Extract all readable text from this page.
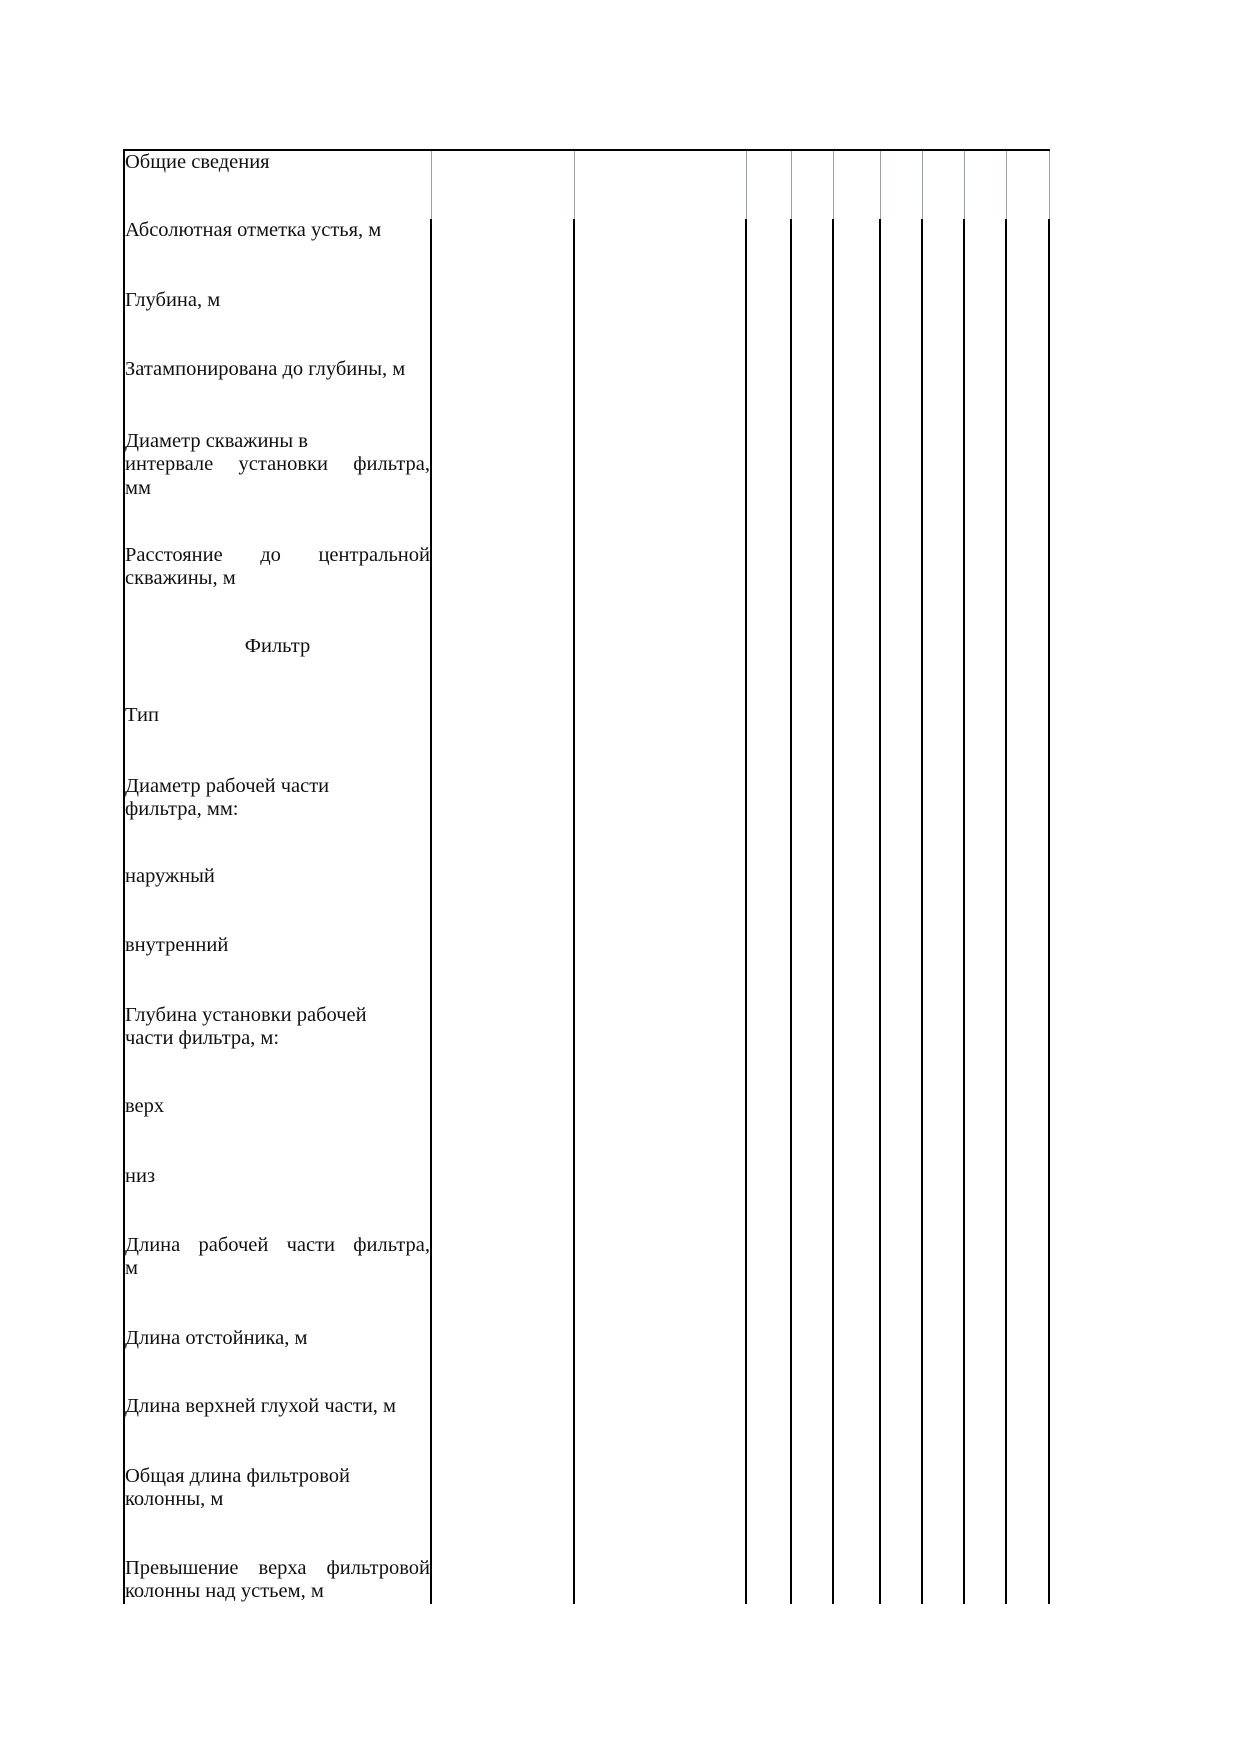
Общие сведения									

Абсолютная отметка устья, м									

Глубина, м									

Затампонирована до глубины, м									

Диаметр скважины в
интервале установки фильтра,
мм									

Расстояние до центральной
скважины, м									

Фильтр									

Тип									

Диаметр рабочей части
фильтра, мм:									

наружный									

внутренний									

Глубина установки рабочей
части фильтра, м:									

верх									

низ									

Длина рабочей части фильтра,
м									

Длина отстойника, м									

Длина верхней глухой части, м									

Общая длина фильтровой
колонны, м									

Превышение верха фильтровой
колонны над устьем, м									
